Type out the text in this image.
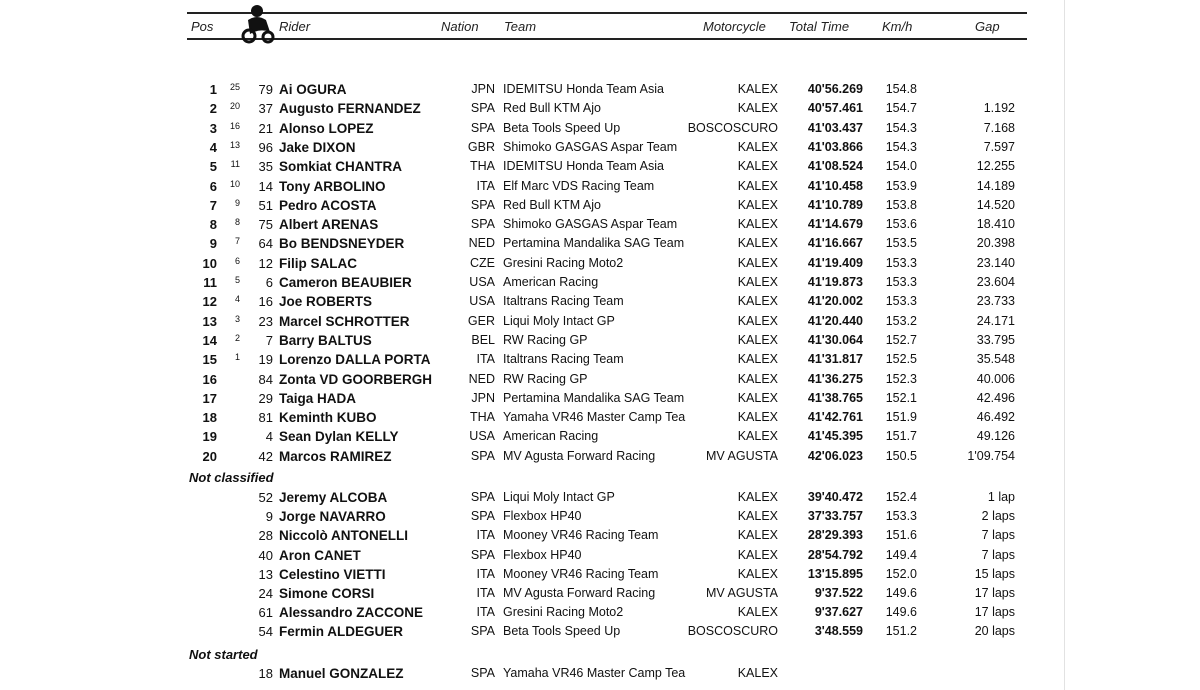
Pos	Rider	Nation Team	Motorcycle Total Time	Km/h	Gap
1	25	79 Ai OGURA	JPN IDEMITSU Honda Team Asia	KALEX	40'56.269	154.8
2	20	37 Augusto FERNANDEZ	SPA Red Bull KTM Ajo	KALEX	40'57.461	154.7	1.192
3	16	21 Alonso LOPEZ	SPA Beta Tools Speed Up	BOSCOSCURO	41'03.437	154.3	7.168
4	13	96 Jake DIXON	GBR Shimoko GASGAS Aspar Team	KALEX	41'03.866	154.3	7.597
5	11	35 Somkiat CHANTRA	THA IDEMITSU Honda Team Asia	KALEX	41'08.524	154.0	12.255
6	10	14 Tony ARBOLINO	ITA Elf Marc VDS Racing Team	KALEX	41'10.458	153.9	14.189
7	9	51 Pedro ACOSTA	SPA Red Bull KTM Ajo	KALEX	41'10.789	153.8	14.520
8	8	75 Albert ARENAS	SPA Shimoko GASGAS Aspar Team	KALEX	41'14.679	153.6	18.410
9	7	64 Bo BENDSNEYDER	NED Pertamina Mandalika SAG Team	KALEX	41'16.667	153.5	20.398
10	6	12 Filip SALAC	CZE Gresini Racing Moto2	KALEX	41'19.409	153.3	23.140
11	5	6 Cameron BEAUBIER	USA American Racing	KALEX	41'19.873	153.3	23.604
12	4	16 Joe ROBERTS	USA Italtrans Racing Team	KALEX	41'20.002	153.3	23.733
13	3	23 Marcel SCHROTTER	GER Liqui Moly Intact GP	KALEX	41'20.440	153.2	24.171
14	2	7 Barry BALTUS	BEL RW Racing GP	KALEX	41'30.064	152.7	33.795
15	1	19 Lorenzo DALLA PORTA	ITA Italtrans Racing Team	KALEX	41'31.817	152.5	35.548
16	84 Zonta VD GOORBERGH	NED RW Racing GP	KALEX	41'36.275	152.3	40.006
17	29 Taiga HADA	JPN Pertamina Mandalika SAG Team	KALEX	41'38.765	152.1	42.496
18	81 Keminth KUBO	THA Yamaha VR46 Master Camp Tea	KALEX	41'42.761	151.9	46.492
19	4 Sean Dylan KELLY	USA American Racing	KALEX	41'45.395	151.7	49.126
20	42 Marcos RAMIREZ	SPA MV Agusta Forward Racing	MV AGUSTA	42'06.023	150.5	1'09.754
Not classified
52 Jeremy ALCOBA	SPA Liqui Moly Intact GP	KALEX	39'40.472	152.4	1 lap
9 Jorge NAVARRO	SPA Flexbox HP40	KALEX	37'33.757	153.3	2 laps
28 Niccolò ANTONELLI	ITA Mooney VR46 Racing Team	KALEX	28'29.393	151.6	7 laps
40 Aron CANET	SPA Flexbox HP40	KALEX	28'54.792	149.4	7 laps
13 Celestino VIETTI	ITA Mooney VR46 Racing Team	KALEX	13'15.895	152.0	15 laps
24 Simone CORSI	ITA MV Agusta Forward Racing	MV AGUSTA	9'37.522	149.6	17 laps
61 Alessandro ZACCONE	ITA Gresini Racing Moto2	KALEX	9'37.627	149.6	17 laps
54 Fermin ALDEGUER	SPA Beta Tools Speed Up	BOSCOSCURO	3'48.559	151.2	20 laps
Not started
18 Manuel GONZALEZ	SPA Yamaha VR46 Master Camp Tea	KALEX
